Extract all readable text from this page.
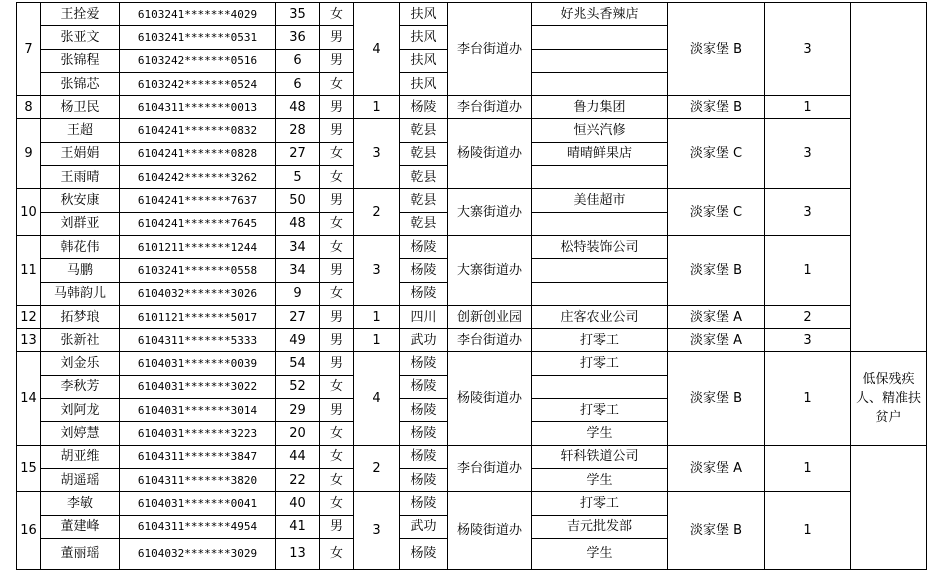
7	王拴爱	6103241*******4029	35	女	4	扶风	李台街道办	好兆头香辣店	淡家堡 B	3	
	张亚文	6103241*******0531	36	男		扶风					
	张锦程	6103242*******0516	6	男		扶风					
	张锦芯	6103242*******0524	6	女		扶风					
8	杨卫民	6104311*******0013	48	男	1	杨陵	李台街道办	鲁力集团	淡家堡 B	1	
9	王超	6104241*******0832	28	男	3	乾县	杨陵街道办	恒兴汽修	淡家堡 C	3	
	王娟娟	6104241*******0828	27	女		乾县		晴晴鲜果店			
	王雨晴	6104242*******3262	5	女		乾县					
10	秋安康	6104241*******7637	50	男	2	乾县	大寨街道办	美佳超市	淡家堡 C	3	
	刘群亚	6104241*******7645	48	女		乾县					
11	韩花伟	6101211*******1244	34	女	3	杨陵	大寨街道办	松特装饰公司	淡家堡 B	1	
	马鹏	6103241*******0558	34	男		杨陵					
	马韩韵儿	6104032*******3026	9	女		杨陵					
12	拓梦琅	6101121*******5017	27	男	1	四川	创新创业园	庄客农业公司	淡家堡 A	2	
13	张新社	6104311*******5333	49	男	1	武功	李台街道办	打零工	淡家堡 A	3	
14	刘金乐	6104031*******0039	54	男	4	杨陵	杨陵街道办	打零工	淡家堡 B	1	低保残疾人、精准扶贫户
	李秋芳	6104031*******3022	52	女		杨陵					
	刘阿龙	6104031*******3014	29	男		杨陵		打零工			
	刘婷慧	6104031*******3223	20	女		杨陵		学生			
15	胡亚维	6104311*******3847	44	女	2	杨陵	李台街道办	轩科铁道公司	淡家堡 A	1	
	胡遥瑶	6104311*******3820	22	女		杨陵		学生			
16	李敏	6104031*******0041	40	女	3	杨陵	杨陵街道办	打零工	淡家堡 B	1	
	董建峰	6104311*******4954	41	男		武功		吉元批发部			
	董丽瑶	6104032*******3029	13	女		杨陵		学生			
